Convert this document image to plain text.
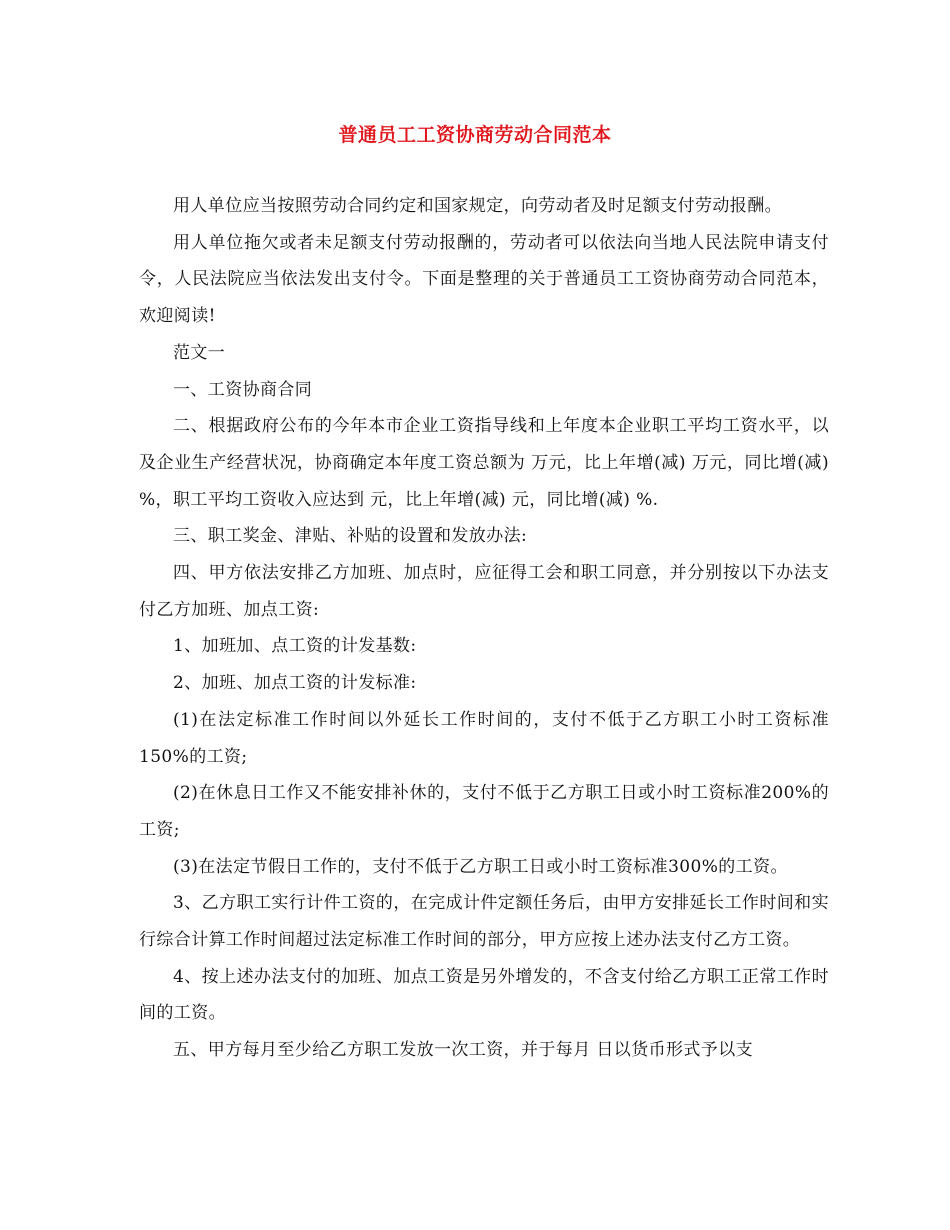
普通员工工资协商劳动合同范本

用人单位应当按照劳动合同约定和国家规定，向劳动者及时足额支付劳动报酬。

用人单位拖欠或者未足额支付劳动报酬的，劳动者可以依法向当地人民法院申请支付令，人民法院应当依法发出支付令。下面是整理的关于普通员工工资协商劳动合同范本，欢迎阅读!

范文一

一、工资协商合同

二、根据政府公布的今年本市企业工资指导线和上年度本企业职工平均工资水平，以及企业生产经营状况，协商确定本年度工资总额为 万元，比上年增(减) 万元，同比增(减) %，职工平均工资收入应达到 元，比上年增(减) 元，同比增(减) %.

三、职工奖金、津贴、补贴的设置和发放办法:

四、甲方依法安排乙方加班、加点时，应征得工会和职工同意，并分别按以下办法支付乙方加班、加点工资:

1、加班加、点工资的计发基数:

2、加班、加点工资的计发标准:

(1)在法定标准工作时间以外延长工作时间的，支付不低于乙方职工小时工资标准150%的工资;

(2)在休息日工作又不能安排补休的，支付不低于乙方职工日或小时工资标准200%的工资;

(3)在法定节假日工作的，支付不低于乙方职工日或小时工资标准300%的工资。

3、乙方职工实行计件工资的，在完成计件定额任务后，由甲方安排延长工作时间和实行综合计算工作时间超过法定标准工作时间的部分，甲方应按上述办法支付乙方工资。

4、按上述办法支付的加班、加点工资是另外增发的，不含支付给乙方职工正常工作时间的工资。

五、甲方每月至少给乙方职工发放一次工资，并于每月 日以货币形式予以支
